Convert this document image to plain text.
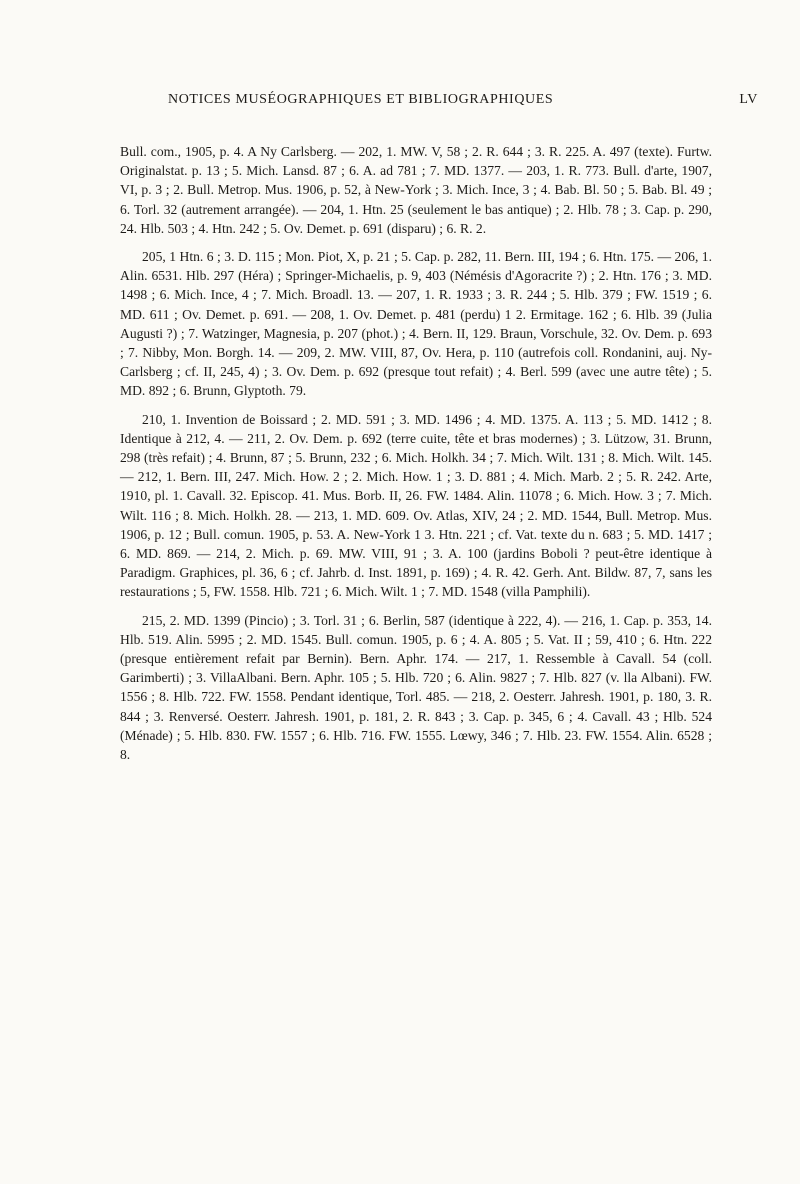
NOTICES MUSÉOGRAPHIQUES ET BIBLIOGRAPHIQUES	LV

Bull. com., 1905, p. 4. A Ny Carlsberg. — 202, 1. MW. V, 58 ; 2. R. 644 ; 3. R. 225. A. 497 (texte). Furtw. Originalstat. p. 13 ; 5. Mich. Lansd. 87 ; 6. A. ad 781 ; 7. MD. 1377. — 203, 1. R. 773. Bull. d'arte, 1907, VI, p. 3 ; 2. Bull. Metrop. Mus. 1906, p. 52, à New-York ; 3. Mich. Ince, 3 ; 4. Bab. Bl. 50 ; 5. Bab. Bl. 49 ; 6. Torl. 32 (autrement arrangée). — 204, 1. Htn. 25 (seulement le bas antique) ; 2. Hlb. 78 ; 3. Cap. p. 290, 24. Hlb. 503 ; 4. Htn. 242 ; 5. Ov. Demet. p. 691 (disparu) ; 6. R. 2.

205, 1 Htn. 6 ; 3. D. 115 ; Mon. Piot, X, p. 21 ; 5. Cap. p. 282, 11. Bern. III, 194 ; 6. Htn. 175. — 206, 1. Alin. 6531. Hlb. 297 (Héra) ; Springer-Michaelis, p. 9, 403 (Némésis d'Agoracrite ?) ; 2. Htn. 176 ; 3. MD. 1498 ; 6. Mich. Ince, 4 ; 7. Mich. Broadl. 13. — 207, 1. R. 1933 ; 3. R. 244 ; 5. Hlb. 379 ; FW. 1519 ; 6. MD. 611 ; Ov. Demet. p. 691. — 208, 1. Ov. Demet. p. 481 (perdu) 1 2. Ermitage. 162 ; 6. Hlb. 39 (Julia Augusti ?) ; 7. Watzinger, Magnesia, p. 207 (phot.) ; 4. Bern. II, 129. Braun, Vorschule, 32. Ov. Dem. p. 693 ; 7. Nibby, Mon. Borgh. 14. — 209, 2. MW. VIII, 87, Ov. Hera, p. 110 (autrefois coll. Rondanini, auj. Ny-Carlsberg ; cf. II, 245, 4) ; 3. Ov. Dem. p. 692 (presque tout refait) ; 4. Berl. 599 (avec une autre tête) ; 5. MD. 892 ; 6. Brunn, Glyptoth. 79.

210, 1. Invention de Boissard ; 2. MD. 591 ; 3. MD. 1496 ; 4. MD. 1375. A. 113 ; 5. MD. 1412 ; 8. Identique à 212, 4. — 211, 2. Ov. Dem. p. 692 (terre cuite, tête et bras modernes) ; 3. Lützow, 31. Brunn, 298 (très refait) ; 4. Brunn, 87 ; 5. Brunn, 232 ; 6. Mich. Holkh. 34 ; 7. Mich. Wilt. 131 ; 8. Mich. Wilt. 145. — 212, 1. Bern. III, 247. Mich. How. 2 ; 2. Mich. How. 1 ; 3. D. 881 ; 4. Mich. Marb. 2 ; 5. R. 242. Arte, 1910, pl. 1. Cavall. 32. Episcop. 41. Mus. Borb. II, 26. FW. 1484. Alin. 11078 ; 6. Mich. How. 3 ; 7. Mich. Wilt. 116 ; 8. Mich. Holkh. 28. — 213, 1. MD. 609. Ov. Atlas, XIV, 24 ; 2. MD. 1544, Bull. Metrop. Mus. 1906, p. 12 ; Bull. comun. 1905, p. 53. A. New-York 1 3. Htn. 221 ; cf. Vat. texte du n. 683 ; 5. MD. 1417 ; 6. MD. 869. — 214, 2. Mich. p. 69. MW. VIII, 91 ; 3. A. 100 (jardins Boboli ? peut-être identique à Paradigm. Graphices, pl. 36, 6 ; cf. Jahrb. d. Inst. 1891, p. 169) ; 4. R. 42. Gerh. Ant. Bildw. 87, 7, sans les restaurations ; 5, FW. 1558. Hlb. 721 ; 6. Mich. Wilt. 1 ; 7. MD. 1548 (villa Pamphili).

215, 2. MD. 1399 (Pincio) ; 3. Torl. 31 ; 6. Berlin, 587 (identique à 222, 4). — 216, 1. Cap. p. 353, 14. Hlb. 519. Alin. 5995 ; 2. MD. 1545. Bull. comun. 1905, p. 6 ; 4. A. 805 ; 5. Vat. II ; 59, 410 ; 6. Htn. 222 (presque entièrement refait par Bernin). Bern. Aphr. 174. — 217, 1. Ressemble à Cavall. 54 (coll. Garimberti) ; 3. VillaAlbani. Bern. Aphr. 105 ; 5. Hlb. 720 ; 6. Alin. 9827 ; 7. Hlb. 827 (v. lla Albani). FW. 1556 ; 8. Hlb. 722. FW. 1558. Pendant identique, Torl. 485. — 218, 2. Oesterr. Jahresh. 1901, p. 180, 3. R. 844 ; 3. Renversé. Oesterr. Jahresh. 1901, p. 181, 2. R. 843 ; 3. Cap. p. 345, 6 ; 4. Cavall. 43 ; Hlb. 524 (Ménade) ; 5. Hlb. 830. FW. 1557 ; 6. Hlb. 716. FW. 1555. Lœwy, 346 ; 7. Hlb. 23. FW. 1554. Alin. 6528 ; 8.
